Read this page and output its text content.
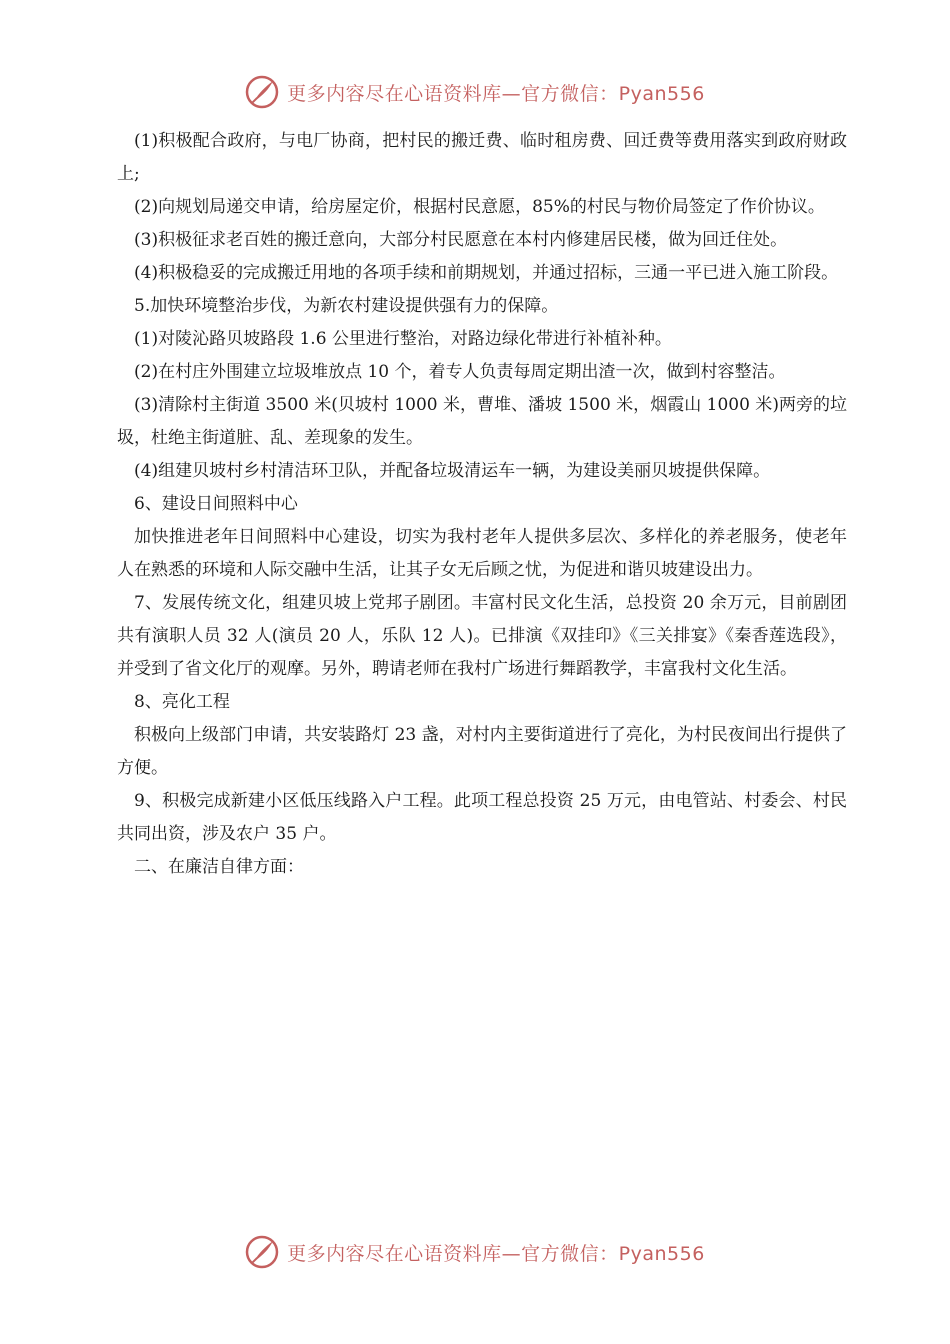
更多内容尽在心语资料库—官方微信：Pyan556

(1)积极配合政府，与电厂协商，把村民的搬迁费、临时租房费、回迁费等费用落实到政府财政上;

(2)向规划局递交申请，给房屋定价，根据村民意愿，85%的村民与物价局签定了作价协议。

(3)积极征求老百姓的搬迁意向，大部分村民愿意在本村内修建居民楼，做为回迁住处。

(4)积极稳妥的完成搬迁用地的各项手续和前期规划，并通过招标，三通一平已进入施工阶段。

5.加快环境整治步伐，为新农村建设提供强有力的保障。

(1)对陵沁路贝坡路段 1.6 公里进行整治，对路边绿化带进行补植补种。

(2)在村庄外围建立垃圾堆放点 10 个，着专人负责每周定期出渣一次，做到村容整洁。

(3)清除村主街道 3500 米(贝坡村 1000 米，曹堆、潘坡 1500 米，烟霞山 1000 米)两旁的垃圾，杜绝主街道脏、乱、差现象的发生。

(4)组建贝坡村乡村清洁环卫队，并配备垃圾清运车一辆，为建设美丽贝坡提供保障。

6、建设日间照料中心

加快推进老年日间照料中心建设，切实为我村老年人提供多层次、多样化的养老服务，使老年人在熟悉的环境和人际交融中生活，让其子女无后顾之忧，为促进和谐贝坡建设出力。

7、发展传统文化，组建贝坡上党邦子剧团。丰富村民文化生活，总投资 20 余万元，目前剧团共有演职人员 32 人(演员 20 人，乐队 12 人)。已排演《双挂印》《三关排宴》《秦香莲选段》，并受到了省文化厅的观摩。另外，聘请老师在我村广场进行舞蹈教学，丰富我村文化生活。

8、亮化工程

积极向上级部门申请，共安装路灯 23 盏，对村内主要街道进行了亮化，为村民夜间出行提供了方便。

9、积极完成新建小区低压线路入户工程。此项工程总投资 25 万元，由电管站、村委会、村民共同出资，涉及农户 35 户。

二、在廉洁自律方面：

更多内容尽在心语资料库—官方微信：Pyan556
